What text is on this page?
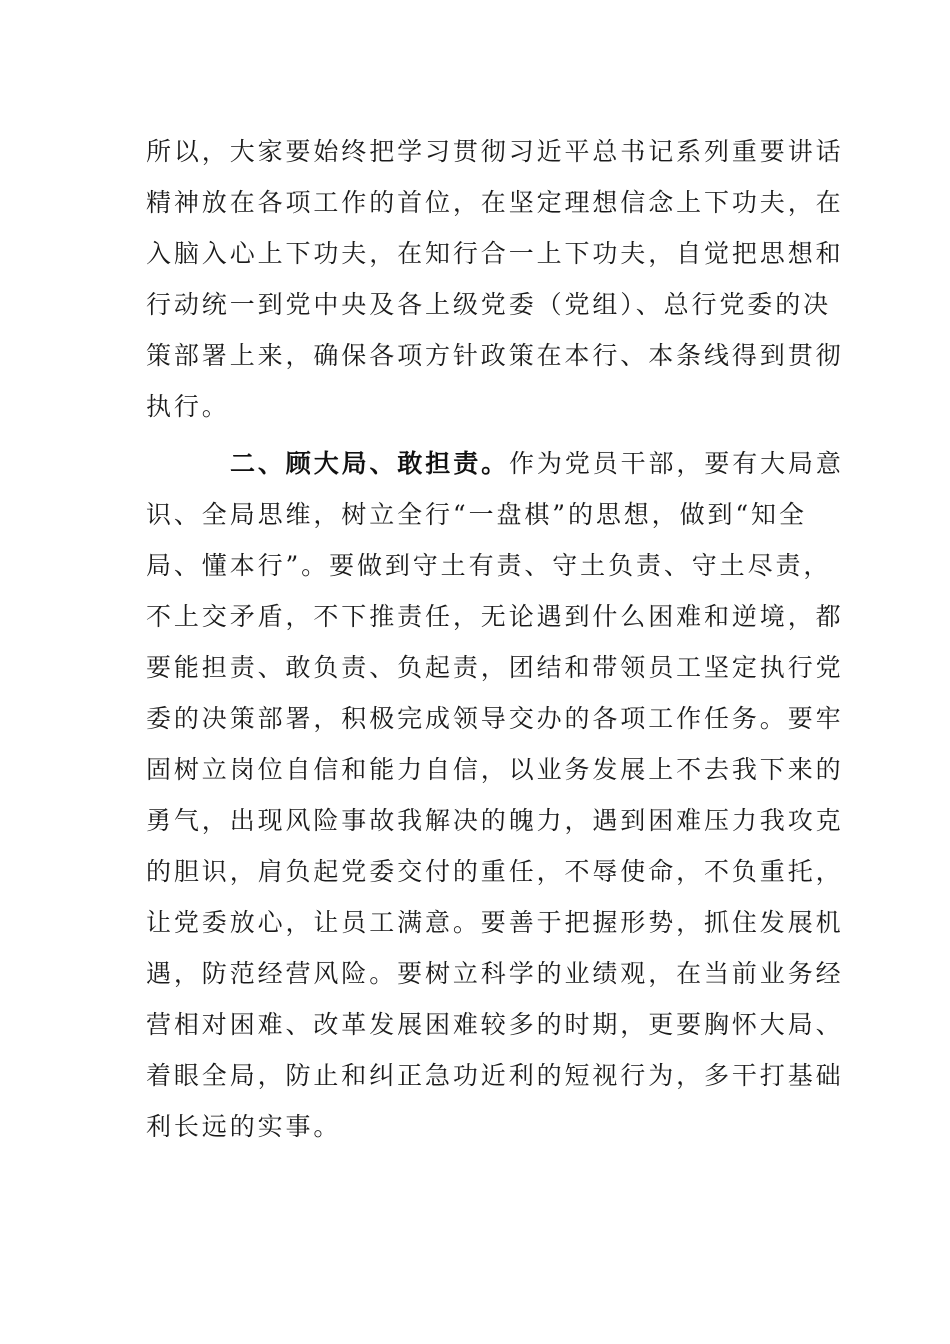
所以，大家要始终把学习贯彻习近平总书记系列重要讲话
精神放在各项工作的首位，在坚定理想信念上下功夫，在
入脑入心上下功夫，在知行合一上下功夫，自觉把思想和
行动统一到党中央及各上级党委（党组）、总行党委的决
策部署上来，确保各项方针政策在本行、本条线得到贯彻
执行。
二、顾大局、敢担责。作为党员干部，要有大局意
识、全局思维，树立全行“一盘棋”的思想，做到“知全
局、懂本行”。要做到守土有责、守土负责、守土尽责，
不上交矛盾，不下推责任，无论遇到什么困难和逆境，都
要能担责、敢负责、负起责，团结和带领员工坚定执行党
委的决策部署，积极完成领导交办的各项工作任务。要牢
固树立岗位自信和能力自信，以业务发展上不去我下来的
勇气，出现风险事故我解决的魄力，遇到困难压力我攻克
的胆识，肩负起党委交付的重任，不辱使命，不负重托，
让党委放心，让员工满意。要善于把握形势，抓住发展机
遇，防范经营风险。要树立科学的业绩观，在当前业务经
营相对困难、改革发展困难较多的时期，更要胸怀大局、
着眼全局，防止和纠正急功近利的短视行为，多干打基础
利长远的实事。
